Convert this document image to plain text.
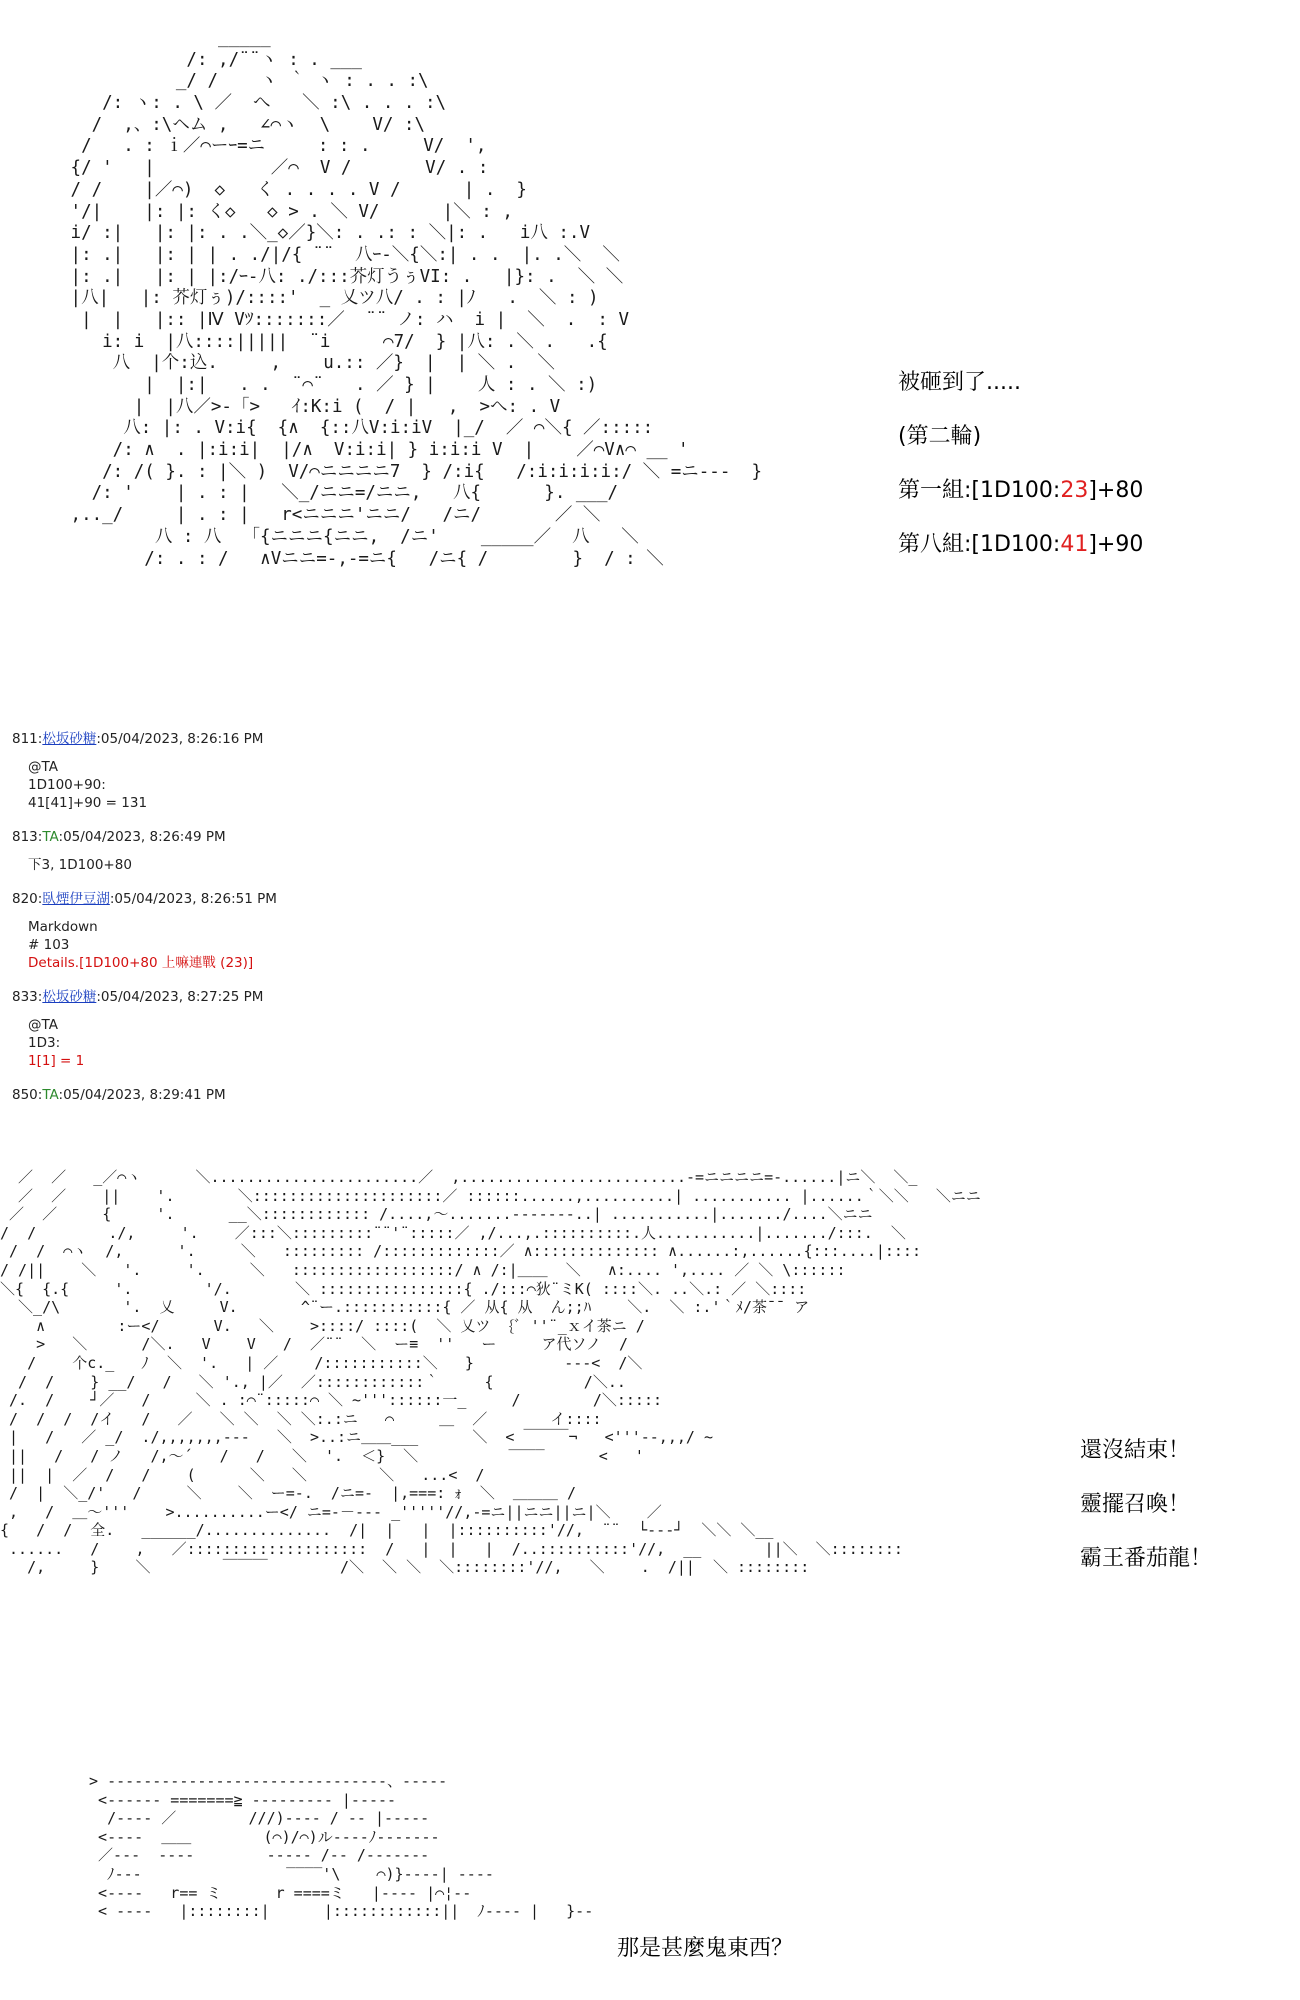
_____
/: ,/¨¨ヽ : . ___
_/ /    ヽ ｀ ヽ : . . :\
/: ヽ: . \ ／  へ   ＼ :\ . . . :\
/  ,、:\ヘム ,   ∠⌒ヽ  \    V/ :\
/   . : ｉ／⌒ーｰ=ニ     : : .     V/  ',
{/ '   |           ／⌒  V /       V/ . :
/ /    |／⌒)  ◇   く . . . . V /      | .  }
'/|    |: |: く◇   ◇ > . ＼ V/      |＼ : ,
i/ :|   |: |: . .＼_◇／}＼: . .: : ＼|: .   i八 :.V
|: .|   |: | | . ./|/{ ¨¨  八ｰ-＼{＼:| . .  |. .＼  ＼
|: .|   |: | |:/ｰ-八: ./:::芥灯うぅVI: .   |}: .  ＼ ＼
|八|   |: 芥灯ぅ)/::::'  _ 乂ツ八/ . : |ﾉ   .  ＼ : )
|  |   |:: |Ⅳ Vﾂ:::::::／  ¨¨ ノ: ハ  i |  ＼  .  : V
i: i  |八::::|||||  ¨i     ⌒7/  } |八: .＼ .   .{
八  |个:込.     ,    u.:: ／}  |  | ＼ .  ＼
|  |:|   . .  ¨⌒¨   . ／ } |    人 : . ＼ :)
|  |八／>-「>   ｲ:K:i (  / |   ,  >へ: . V
八: |: . V:i{  {∧  {::八V:i:iV  |_/  ／ ⌒＼{ ／:::::
/: ∧  . |:i:i|  |/∧  V:i:i| } i:i:i V  |    ／⌒V∧⌒ __ '
/: /( }. : |＼ )  V/⌒ニニニニ7  } /:i{   /:i:i:i:i:/ ＼ =ニ---  }
/: '    | . : |   ＼_/ニニ=/ニニ,   八{      }. ___/
,.._/     | . : |   r<ニニニ'ニニ/   /ニ/       ／ ＼
八 : 八  「{ニニニ{ニニ,  /ニ'    _____／  八   ＼
/: . : /   ∧Vニニ=-,-=ニ{   /ニ{ /        }  / : ＼
被砸到了.....
(第二輪)
第一組:[1D100:23]+80
第八組:[1D100:41]+90
811:松坂砂糖:05/04/2023, 8:26:16 PM
@TA
1D100+90:
41[41]+90 = 131
813:TA:05/04/2023, 8:26:49 PM
下3, 1D100+80
820:臥煙伊豆湖:05/04/2023, 8:26:51 PM
Markdown
# 103
Details.[1D100+80 上嘛連戰 (23)]
833:松坂砂糖:05/04/2023, 8:27:25 PM
@TA
1D3:
1[1] = 1
850:TA:05/04/2023, 8:29:41 PM
／  ／   _／⌒ヽ      ＼.......................／  ,.........................-=ニニニニ=-......|ニ＼  ＼_
／  ／    ||    '.       ＼:::::::::::::::::::::／ ::::::......,..........| ........... |......｀＼＼   ＼ニニ
／  ／     {     '.      __＼:::::::::::: /....,〜.......-------..| ...........|......./....＼ニニ
/  /        ./,     '.    ／:::＼:::::::::¨¨'¨:::::／ ,/...,.::::::::::.人...........|......./:::.  ＼
/  /  ⌒ヽ  /,      '.     ＼   ::::::::: /:::::::::::::／ ∧:::::::::::::: ∧......:,......{:::....|::::
/ /||    ＼   '.     '.     ＼   ::::::::::::::::::/ ∧ /:|＿＿  ＼   ∧:.... ',.... ／ ＼ \::::::
＼{  {.{     '.        '/.       ＼ ::::::::::::::::{ ./:::⌒狄¨ミK( ::::＼. ..＼.: ／ ＼::::
＼_/\       '.  乂     V.       ^¨ー.:::::::::::{ ／ 从{ 从  ん;;ﾊ    ＼.  ＼ :.'｀ﾒ/茶¯¯ ア
∧        :ー</      V.   ＼    >::::/ ::::(  ＼ 乂ツ  {ﾞ ''¨_ｘイ茶ニ /
>   ＼      /＼.   V    V   /  ／¨¨  ＼  ー≡  ''   ー     ア代ソノ  /
/    个c._   ﾉ  ＼  '.   | ／    /:::::::::::＼   }          ---<  /＼
/  /    } __/   /   ＼ '., |／  ／::::::::::::｀     {          /＼..
/.  /    ┘／   /     ＼ . :⌒¨:::::⌒ ＼ ~'''::::::一_     /        /＼:::::
/  /  /  /イ   /   ／   ＼ ＼  ＼ ＼:.:ニ   ⌒     ＿  ／       イ::::
|   /   ／ _/  ./,,,,,,,---   ＼  >..:ニ＿＿___      ＼  < ￣￣￣¬   <'''--,,,/ ~
||   /   / ノ   /,〜´   /   /   ＼  '.  ＜}  ＼          ‾‾‾‾      <   '
||  |  ／  /   /    (      ＼   ＼        ＼   ...<  /
/  |  ＼_/'   /     ＼    ＼  ー=-.  /ニ=-  |,===: ｫ  ＼  ＿＿＿ /
,   /  ＿〜'''    >..........ー</ ニ=‐－‐‐‐ _'''''//,-=ニ||ニニ||ニ|＼    ／
{   /  /  全.   ______/..............  /|  |   |  |::::::::::'//,  ¨¨  └‐‐‐┘  ＼＼ ＼__
......   /    ,   ／::::::::::::::::::::  /   |  |   |  /..::::::::::'//,  __       ||＼  ＼::::::::
/,     }    ＼        ￣￣￣        /＼  ＼ ＼  ＼::::::::'//,   ＼    .  /||  ＼ ::::::::
還沒結束！
靈擺召喚！
霸王番茄龍！
> -------------------------------、-----
<------ =======≧ --------- |-----
/---- ／        ///)---- / -- |-----
<----  ＿＿        (⌒)/⌒)ル----ﾉ-------
／---  ----        ----- /-- /-------
ﾉ---                ‾‾‾‾'\    ⌒)}----| ----
<----   r== ミ      r ====ミ   |---- |⌒¦--
< ----   |::::::::|      |::::::::::::||  ﾉ---- |   }--
那是甚麼鬼東西？
